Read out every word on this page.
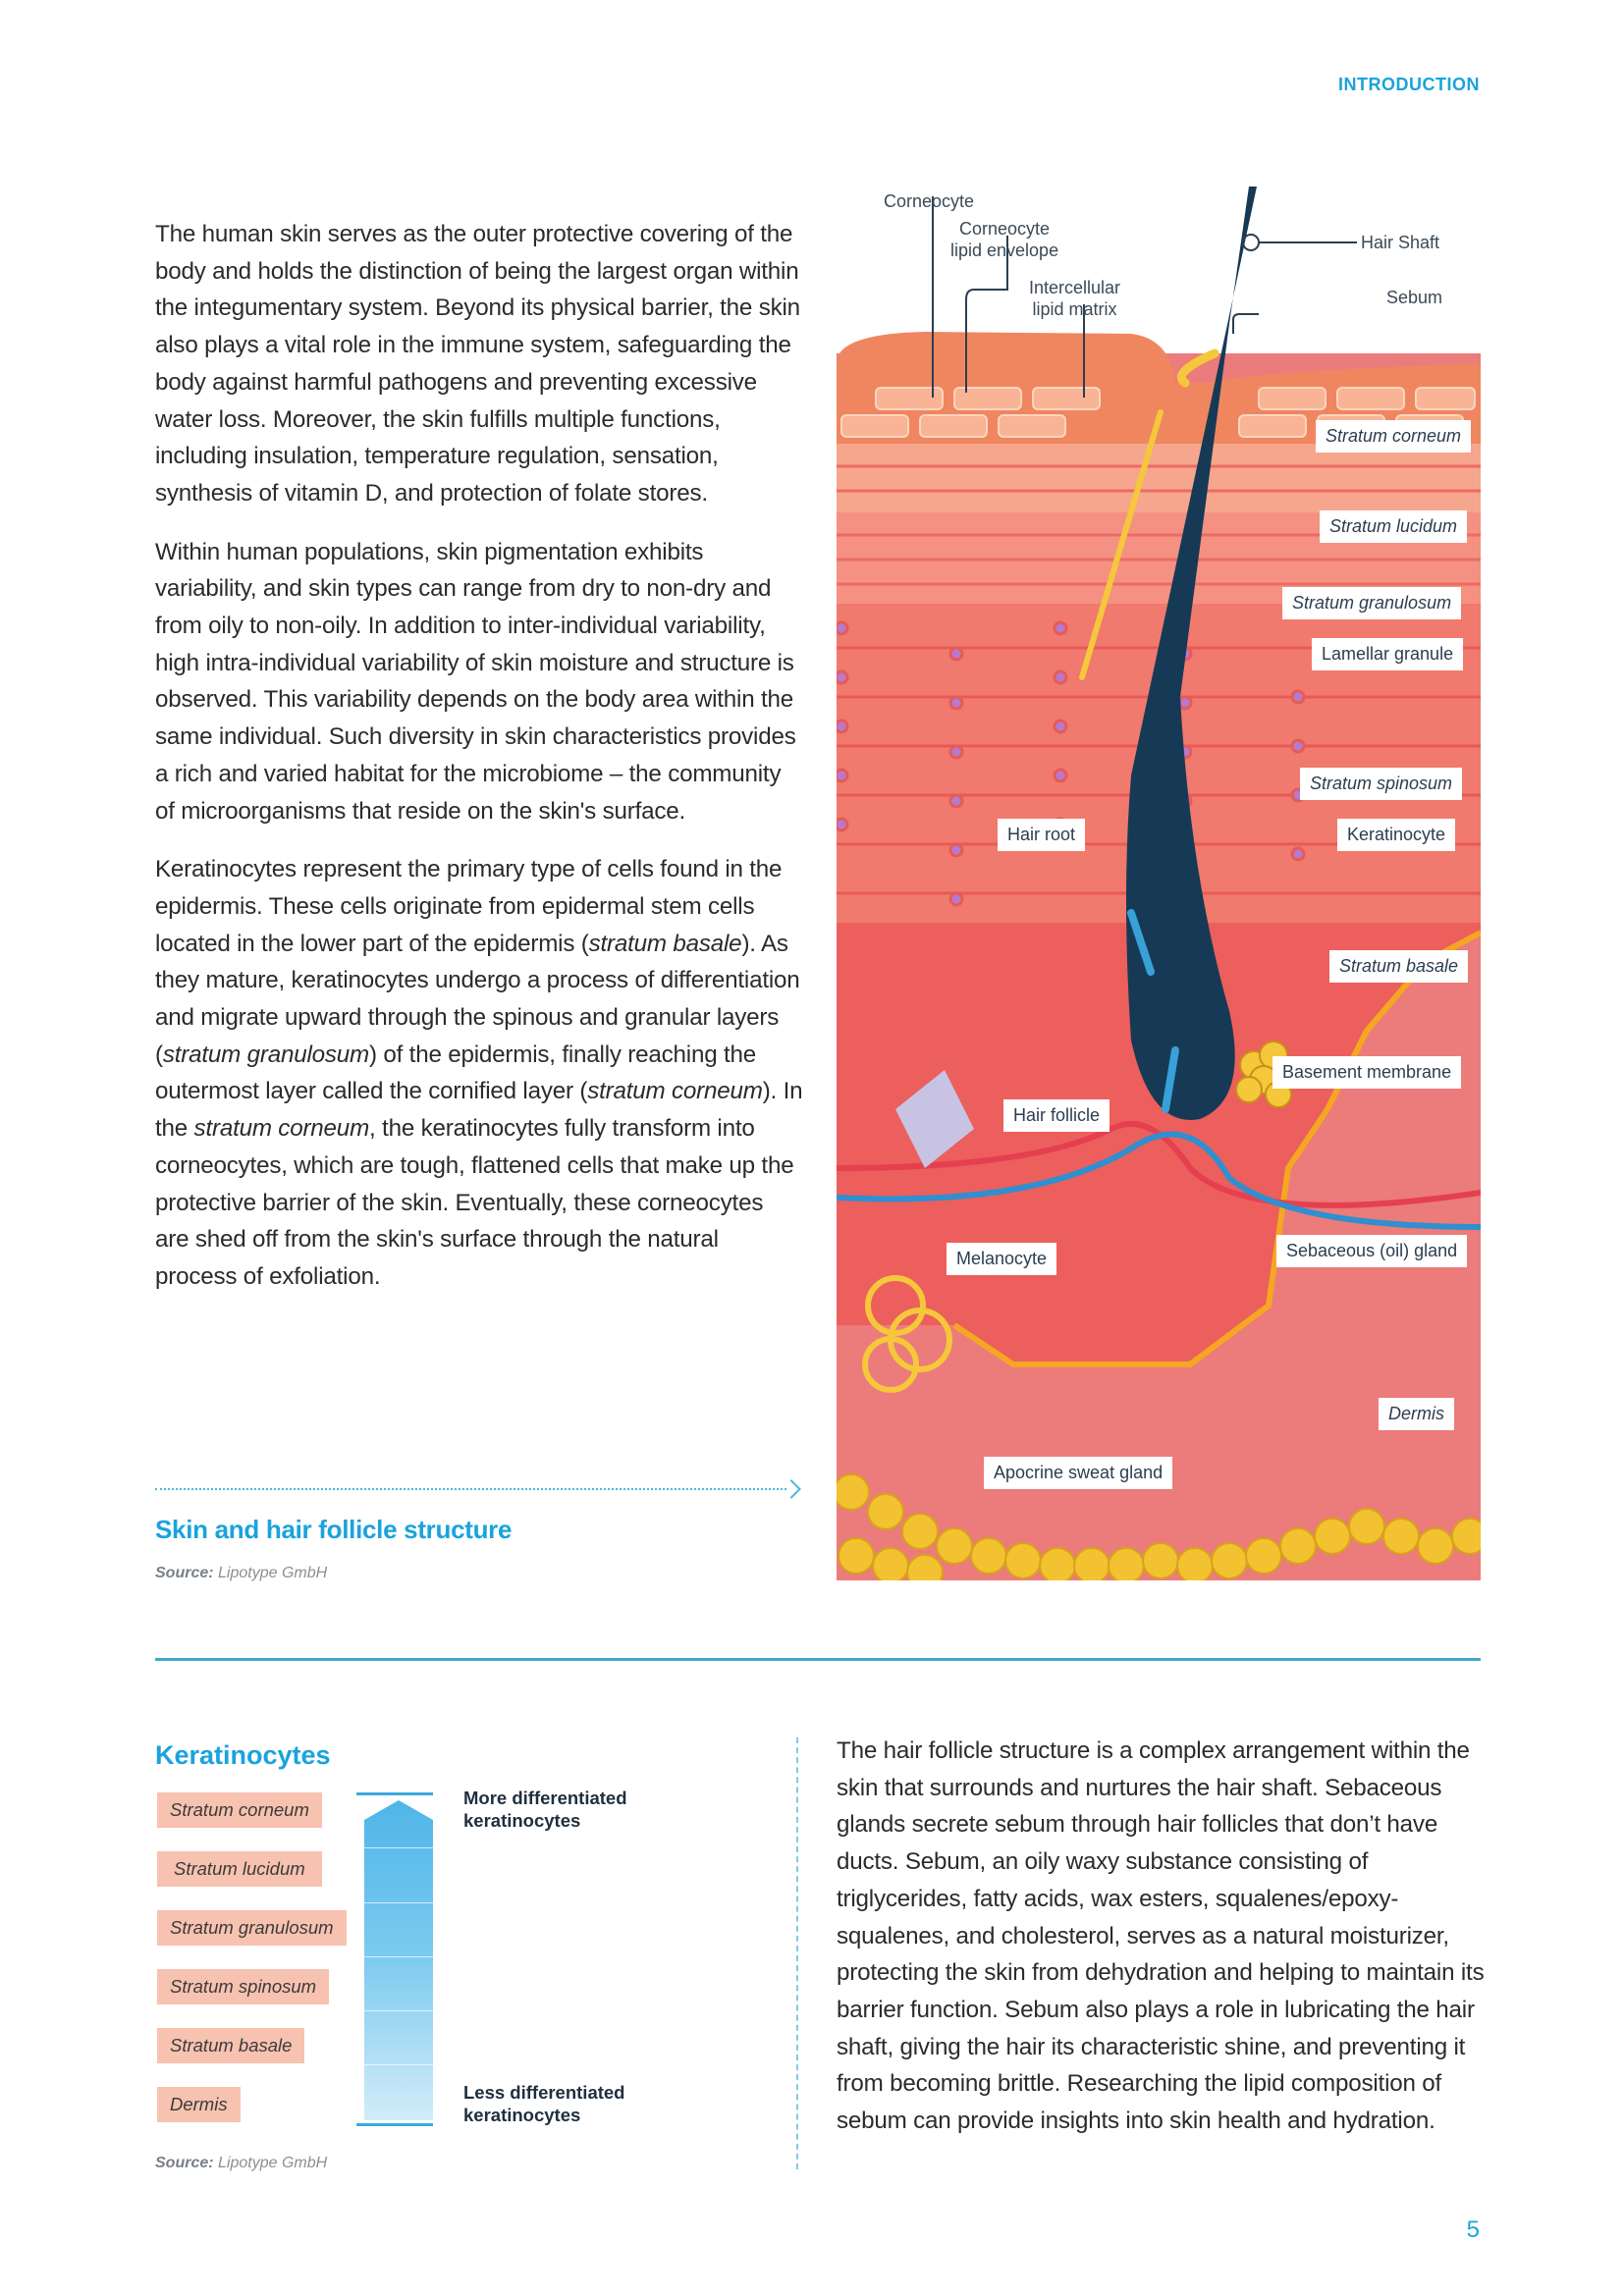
INTRODUCTION

The human skin serves as the outer protective covering of the body and holds the distinction of being the largest organ within the integumentary system. Beyond its physical barrier, the skin also plays a vital role in the immune system, safeguarding the body against harmful pathogens and preventing excessive water loss. Moreover, the skin fulfills multiple functions, including insulation, temperature regulation, sensation, synthesis of vitamin D, and protection of folate stores.

Within human populations, skin pigmentation exhibits variability, and skin types can range from dry to non-dry and from oily to non-oily. In addition to inter-individual variability, high intra-individual variability of skin moisture and structure is observed. This variability depends on the body area within the same individual. Such diversity in skin characteristics provides a rich and varied habitat for the microbiome – the community of microorganisms that reside on the skin's surface.

Keratinocytes represent the primary type of cells found in the epidermis. These cells originate from epidermal stem cells located in the lower part of the epidermis (stratum basale). As they mature, keratinocytes undergo a process of differentiation and migrate upward through the spinous and granular layers (stratum granulosum) of the epidermis, finally reaching the outermost layer called the cornified layer (stratum corneum). In the stratum corneum, the keratinocytes fully transform into corneocytes, which are tough, flattened cells that make up the protective barrier of the skin. Eventually, these corneocytes are shed off from the skin's surface through the natural process of exfoliation.

Skin and hair follicle structure
Source: Lipotype GmbH
Corneocyte
Corneocyte
lipid envelope
Intercellular
lipid matrix
Hair Shaft
Sebum
Stratum corneum
Stratum lucidum
Stratum granulosum
Lamellar granule
Stratum spinosum
Hair root	Keratinocyte
Stratum basale
Basement membrane
Hair follicle
Sebaceous (oil) gland
Melanocyte
Dermis
Apocrine sweat gland
Keratinocytes
Stratum corneum
Stratum lucidum
Stratum granulosum
Stratum spinosum
Stratum basale
Dermis
More differentiated
keratinocytes
Less differentiated
keratinocytes
Source: Lipotype GmbH

The hair follicle structure is a complex arrangement within the skin that surrounds and nurtures the hair shaft. Sebaceous glands secrete sebum through hair follicles that don’t have ducts. Sebum, an oily waxy substance consisting of triglycerides, fatty acids, wax esters, squalenes/epoxy-squalenes, and cholesterol, serves as a natural moisturizer, protecting the skin from dehydration and helping to maintain its barrier function. Sebum also plays a role in lubricating the hair shaft, giving the hair its characteristic shine, and preventing it from becoming brittle. Researching the lipid composition of sebum can provide insights into skin health and hydration.

5
